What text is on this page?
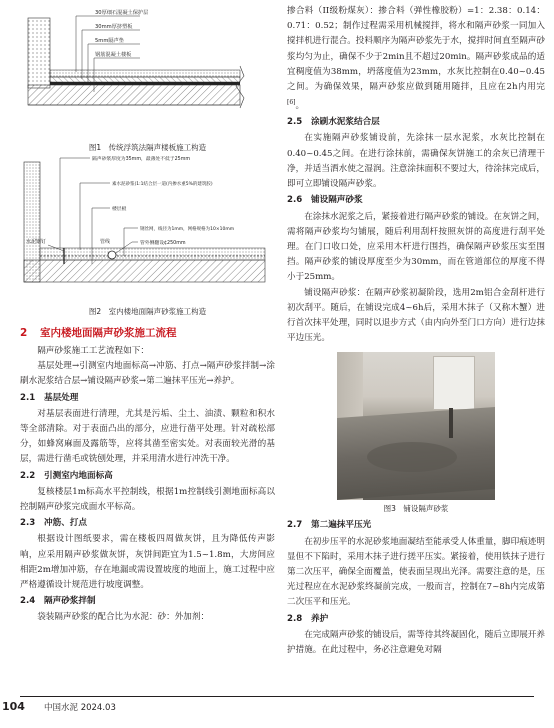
30厚细石混凝土保护层
30mm厚挤塑板
5mm隔声垫
钢筋混凝土楼板
图1　传统浮筑法隔声楼板施工构造
隔声砂浆厚度为35mm，最薄处不低于25mm
素水泥砂浆(1:1结合层一道(内掺水重5%的建筑胶)
楼层板
钢丝网，线径为1mm，网格规格为10×10mm
管外侧翻设¢250mm
水泥钢钉	管线
图2　室内楼地面隔声砂浆施工构造
2 室内楼地面隔声砂浆施工流程

隔声砂浆施工工艺流程如下：

基层处理→引测室内地面标高→冲筋、打点→隔声砂浆拌制→涂刷水泥浆结合层→铺设隔声砂浆→第二遍抹平压光→养护。

2.1 基层处理

对基层表面进行清理，尤其是污垢、尘土、油渍、颗粒和积水等全部清除。对于表面凸出的部分，应进行凿平处理。针对疏松部分，如蜂窝麻面及露筋等，应将其凿至密实处。对表面较光滑的基层，需进行凿毛或铣刨处理，并采用清水进行冲洗干净。

2.2 引测室内地面标高

复核楼层1m标高水平控制线，根据1m控制线引测地面标高以控制隔声砂浆完成面水平标高。

2.3 冲筋、打点

根据设计图纸要求，需在楼板四周做灰饼，且为降低传声影响，应采用隔声砂浆做灰饼，灰饼间距宜为1.5~1.8m，大房间应相距2m增加冲筋，存在地漏或需设置坡度的地面上，施工过程中应严格遵循设计规范进行坡度调整。

2.4 隔声砂浆拌制

袋装隔声砂浆的配合比为水泥：砂：外加剂：

掺合料（II级粉煤灰）：掺合料（弹性橡胶粉）=1：2.38：0.14：0.71：0.52；制作过程需采用机械搅拌，将水和隔声砂浆一同加入搅拌机进行混合。投料顺序为隔声砂浆先于水，搅拌时间直至隔声砂浆均匀为止，确保不少于2min且不超过20min。隔声砂浆成品的适宜稠度值为38mm，坍落度值为23mm，水灰比控制在0.40~0.45之间。为确保效果，隔声砂浆应做到随用随拌，且应在2h内用完[6]。

2.5 涂刷水泥浆结合层

在实施隔声砂浆铺设前，先涂抹一层水泥浆，水灰比控制在0.40~0.45之间。在进行涂抹前，需确保灰饼施工的余灰已清理干净，并适当洒水使之湿润。注意涂抹面积不要过大，待涂抹完成后，即可立即铺设隔声砂浆。

2.6 铺设隔声砂浆

在涂抹水泥浆之后，紧接着进行隔声砂浆的铺设。在灰饼之间，需将隔声砂浆均匀铺展，随后利用刮杆按照灰饼的高度进行刮平处理。在门口收口处，应采用木杆进行围挡，确保隔声砂浆压实至围挡。隔声砂浆的铺设厚度至少为30mm，而在管道部位的厚度不得小于25mm。

铺设隔声砂浆：在隔声砂浆初凝阶段，选用2m铝合金刮杆进行初次刮平。随后，在铺设完成4~6h后，采用木抹子（又称木蟹）进行首次抹平处理，同时以退步方式（由内向外至门口方向）进行边抹平边压光。

图3　铺设隔声砂浆
2.7 第二遍抹平压光

在初步压平的水泥砂浆地面凝结至能承受人体重量，脚印痕迹明显但不下陷时，采用木抹子进行搓平压实。紧接着，使用铁抹子进行第二次压平，确保全面覆盖，使表面呈现出光泽。需要注意的是，压光过程应在水泥砂浆终凝前完成，一般而言，控制在7~8h内完成第二次压平和压光。

2.8 养护

在完成隔声砂浆的铺设后，需等待其终凝固化，随后立即展开养护措施。在此过程中，务必注意避免对隔

104 中国水泥 2024.03
